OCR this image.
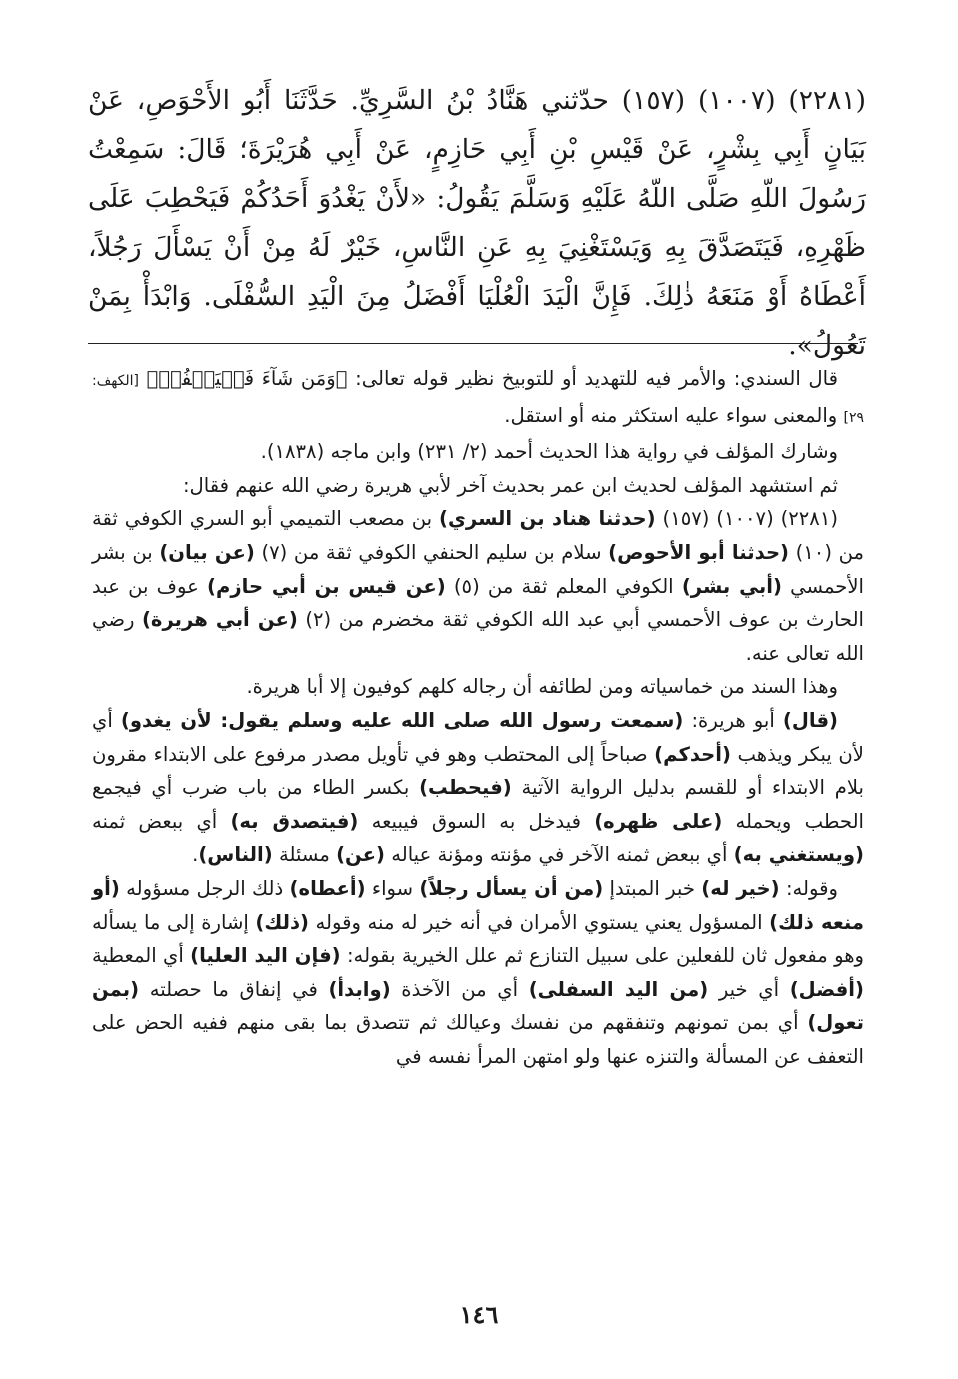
(٢٢٨١) (١٠٠٧) (١٥٧) حدّثني هَنَّادُ بْنُ السَّرِيِّ. حَدَّثَنَا أَبُو الأَحْوَصِ، عَنْ بَيَانٍ أَبِي بِشْرٍ، عَنْ قَيْسِ بْنِ أَبِي حَازِمٍ، عَنْ أَبِي هُرَيْرَةَ؛ قَالَ: سَمِعْتُ رَسُولَ اللّهِ صَلَّى اللّهُ عَلَيْهِ وَسَلَّمَ يَقُولُ: «لأَنْ يَغْدُوَ أَحَدُكُمْ فَيَحْطِبَ عَلَى ظَهْرِهِ، فَيَتَصَدَّقَ بِهِ وَيَسْتَغْنِيَ بِهِ عَنِ النَّاسِ، خَيْرٌ لَهُ مِنْ أَنْ يَسْأَلَ رَجُلاً، أَعْطَاهُ أَوْ مَنَعَهُ ذٰلِكَ. فَإِنَّ الْيَدَ الْعُلْيَا أَفْضَلُ مِنَ الْيَدِ السُّفْلَى. وَابْدَأْ بِمَنْ تَعُولُ».

قال السندي: والأمر فيه للتهديد أو للتوبيخ نظير قوله تعالى: ﴿وَمَن شَآءَ فَلۡيَكۡفُرۡ﴾ [الكهف: ٢٩] والمعنى سواء عليه استكثر منه أو استقل.

وشارك المؤلف في رواية هذا الحديث أحمد (٢/ ٢٣١) وابن ماجه (١٨٣٨).

ثم استشهد المؤلف لحديث ابن عمر بحديث آخر لأبي هريرة رضي الله عنهم فقال:

(٢٢٨١) (١٠٠٧) (١٥٧) (حدثنا هناد بن السري) بن مصعب التميمي أبو السري الكوفي ثقة من (١٠) (حدثنا أبو الأحوص) سلام بن سليم الحنفي الكوفي ثقة من (٧) (عن بيان) بن بشر الأحمسي (أبي بشر) الكوفي المعلم ثقة من (٥) (عن قيس بن أبي حازم) عوف بن عبد الحارث بن عوف الأحمسي أبي عبد الله الكوفي ثقة مخضرم من (٢) (عن أبي هريرة) رضي الله تعالى عنه.

وهذا السند من خماسياته ومن لطائفه أن رجاله كلهم كوفيون إلا أبا هريرة.

(قال) أبو هريرة: (سمعت رسول الله صلى الله عليه وسلم يقول: لأن يغدو) أي لأن يبكر ويذهب (أحدكم) صباحاً إلى المحتطب وهو في تأويل مصدر مرفوع على الابتداء مقرون بلام الابتداء أو للقسم بدليل الرواية الآتية (فيحطب) بكسر الطاء من باب ضرب أي فيجمع الحطب ويحمله (على ظهره) فيدخل به السوق فيبيعه (فيتصدق به) أي ببعض ثمنه (ويستغني به) أي ببعض ثمنه الآخر في مؤنته ومؤنة عياله (عن) مسئلة (الناس).

وقوله: (خير له) خبر المبتدإ (من أن يسأل رجلاً) سواء (أعطاه) ذلك الرجل مسؤوله (أو منعه ذلك) المسؤول يعني يستوي الأمران في أنه خير له منه وقوله (ذلك) إشارة إلى ما يسأله وهو مفعول ثان للفعلين على سبيل التنازع ثم علل الخيرية بقوله: (فإن اليد العليا) أي المعطية (أفضل) أي خير (من اليد السفلى) أي من الآخذة (وابدأ) في إنفاق ما حصلته (بمن تعول) أي بمن تمونهم وتنفقهم من نفسك وعيالك ثم تتصدق بما بقى منهم ففيه الحض على التعفف عن المسألة والتنزه عنها ولو امتهن المرأ نفسه في

١٤٦
